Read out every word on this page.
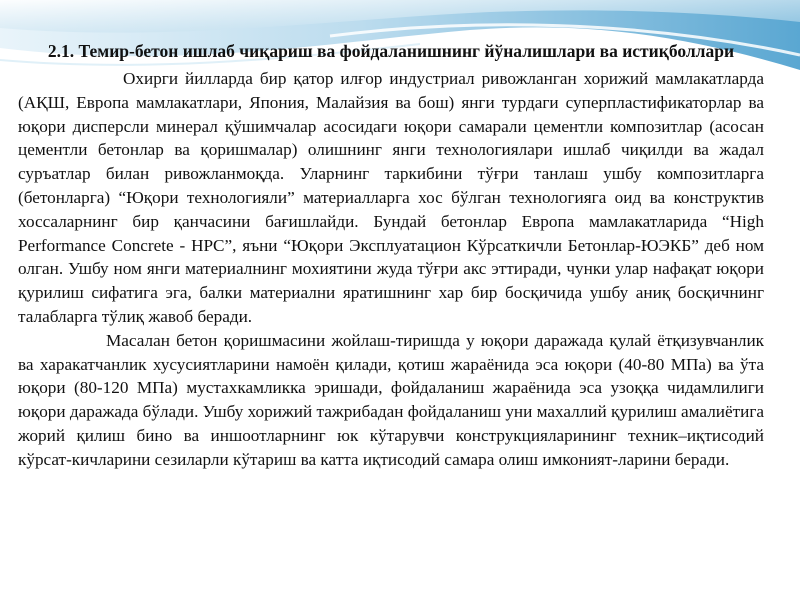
2.1. Темир-бетон ишлаб чиқариш ва фойдаланишнинг йўналишлари ва истиқболлари

Охирги йилларда бир қатор илғор индустриал ривожланган хорижий мамлакатларда (АҚШ, Европа мамлакатлари, Япония, Малайзия ва бош) янги турдаги суперпластификаторлар ва юқори дисперсли минерал қўшимчалар асосидаги юқори самарали цементли композитлар (асосан цементли бетонлар ва қоришмалар) олишнинг янги технологиялари ишлаб чиқилди ва жадал суръатлар билан ривожланмоқда. Уларнинг таркибини тўғри танлаш ушбу композитларга (бетонларга) “Юқори технологияли” материалларга хос бўлган технологияга оид ва конструктив хоссаларнинг бир қанчасини бағишлайди. Бундай бетонлар Европа мамлакатларида “High Performance Concrete - HPC”, яъни “Юқори Эксплуатацион Кўрсаткичли Бетонлар-ЮЭКБ” деб ном олган. Ушбу ном янги материалнинг мохиятини жуда тўғри акс эттиради, чунки улар нафақат юқори қурилиш сифатига эга, балки материални яратишнинг хар бир босқичида ушбу аниқ босқичнинг талабларга тўлиқ жавоб беради.

Масалан бетон қоришмасини жойлаш-тиришда у юқори даражада қулай ётқизувчанлик ва харакатчанлик хусусиятларини намоён қилади, қотиш жараёнида эса юқори (40-80 МПа) ва ўта юқори (80-120 МПа) мустахкамликка эришади, фойдаланиш жараёнида эса узоққа чидамлилиги юқори даражада бўлади. Ушбу хорижий тажрибадан фойдаланиш уни махаллий қурилиш амалиётига жорий қилиш бино ва иншоотларнинг юк кўтарувчи конструкцияларининг техник–иқтисодий кўрсат-кичларини сезиларли кўтариш ва катта иқтисодий самара олиш имконият-ларини беради.
